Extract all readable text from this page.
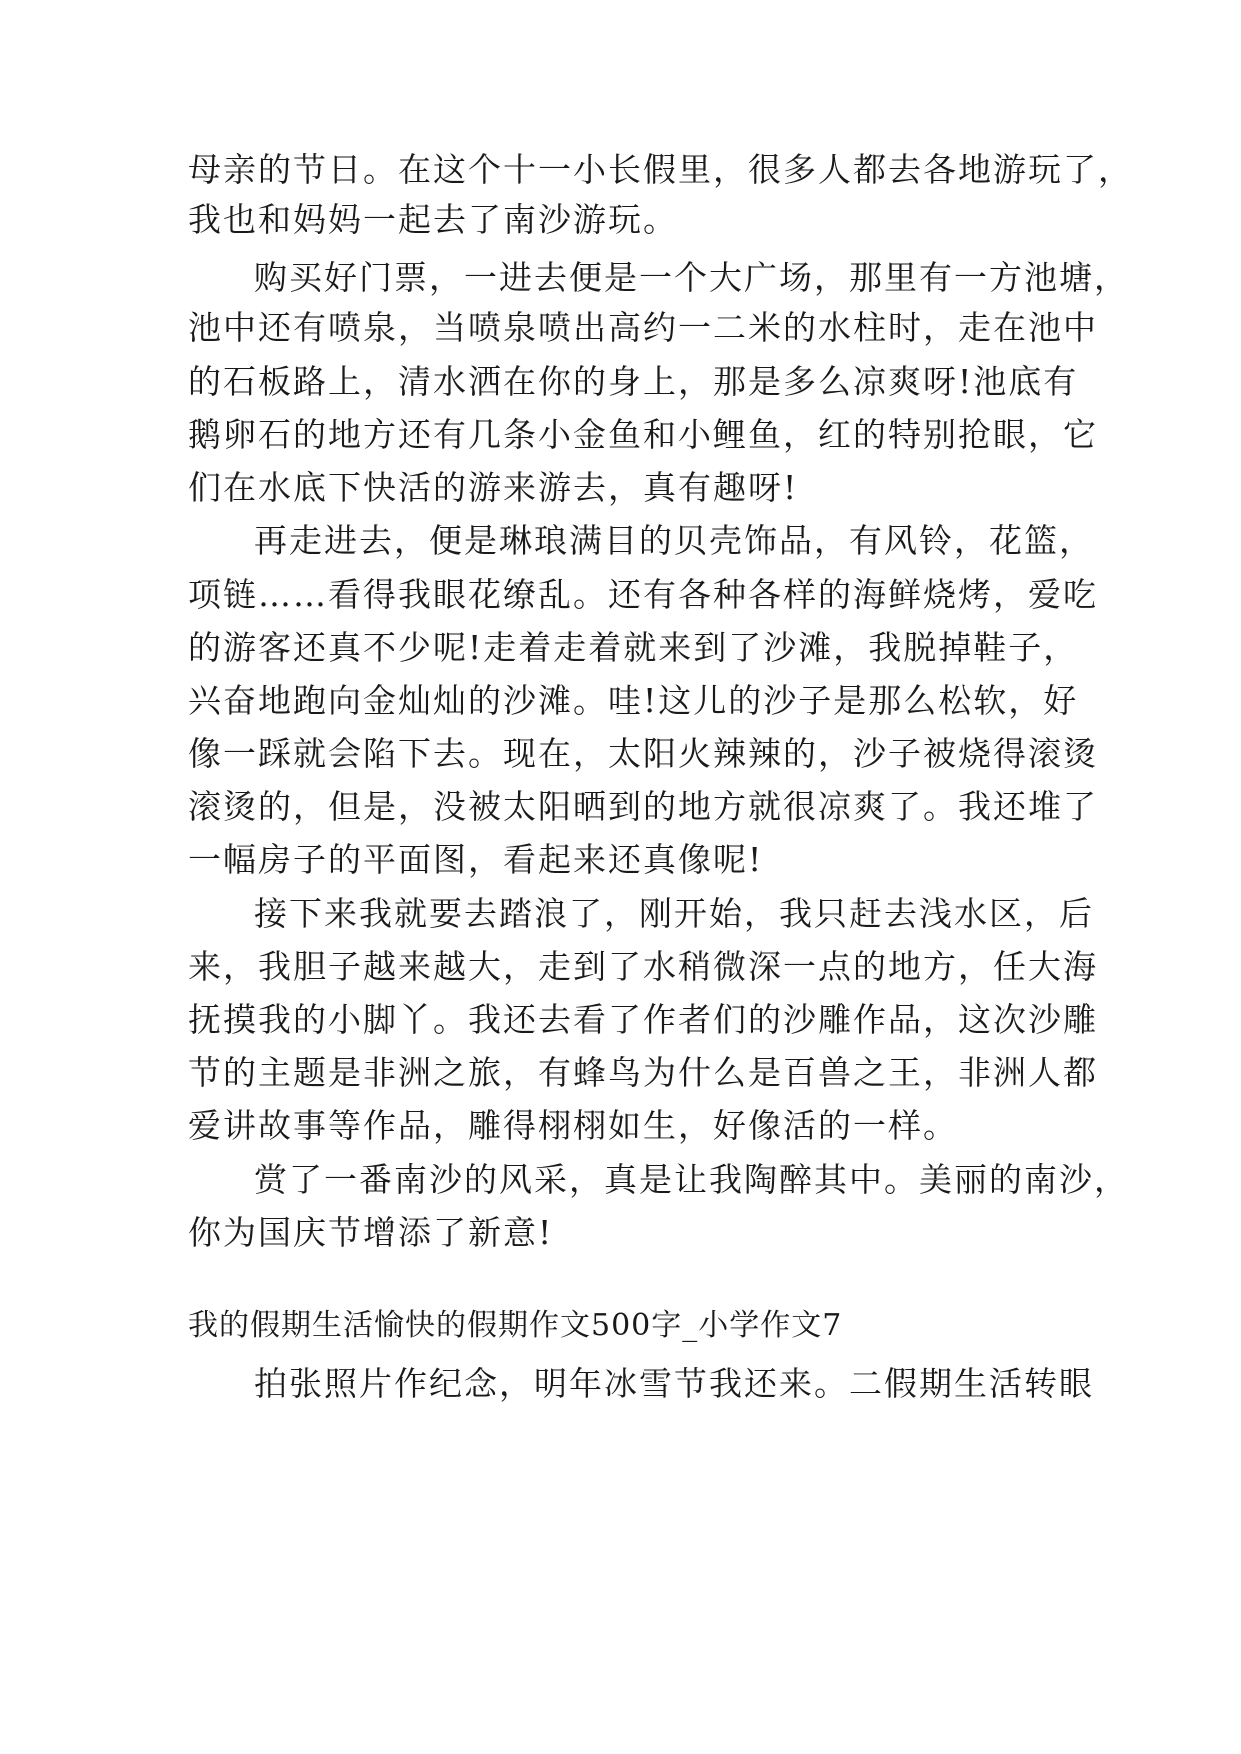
母亲的节日。在这个十一小长假里，很多人都去各地游玩了，
我也和妈妈一起去了南沙游玩。
购买好门票，一进去便是一个大广场，那里有一方池塘，
池中还有喷泉，当喷泉喷出高约一二米的水柱时，走在池中
的石板路上，清水洒在你的身上，那是多么凉爽呀!池底有
鹅卵石的地方还有几条小金鱼和小鲤鱼，红的特别抢眼，它
们在水底下快活的游来游去，真有趣呀!
再走进去，便是琳琅满目的贝壳饰品，有风铃，花篮，
项链……看得我眼花缭乱。还有各种各样的海鲜烧烤，爱吃
的游客还真不少呢!走着走着就来到了沙滩，我脱掉鞋子，
兴奋地跑向金灿灿的沙滩。哇!这儿的沙子是那么松软，好
像一踩就会陷下去。现在，太阳火辣辣的，沙子被烧得滚烫
滚烫的，但是，没被太阳晒到的地方就很凉爽了。我还堆了
一幅房子的平面图，看起来还真像呢!
接下来我就要去踏浪了，刚开始，我只赶去浅水区，后
来，我胆子越来越大，走到了水稍微深一点的地方，任大海
抚摸我的小脚丫。我还去看了作者们的沙雕作品，这次沙雕
节的主题是非洲之旅，有蜂鸟为什么是百兽之王，非洲人都
爱讲故事等作品，雕得栩栩如生，好像活的一样。
赏了一番南沙的风采，真是让我陶醉其中。美丽的南沙，
你为国庆节增添了新意!
我的假期生活愉快的假期作文500字_小学作文7
拍张照片作纪念，明年冰雪节我还来。二假期生活转眼
